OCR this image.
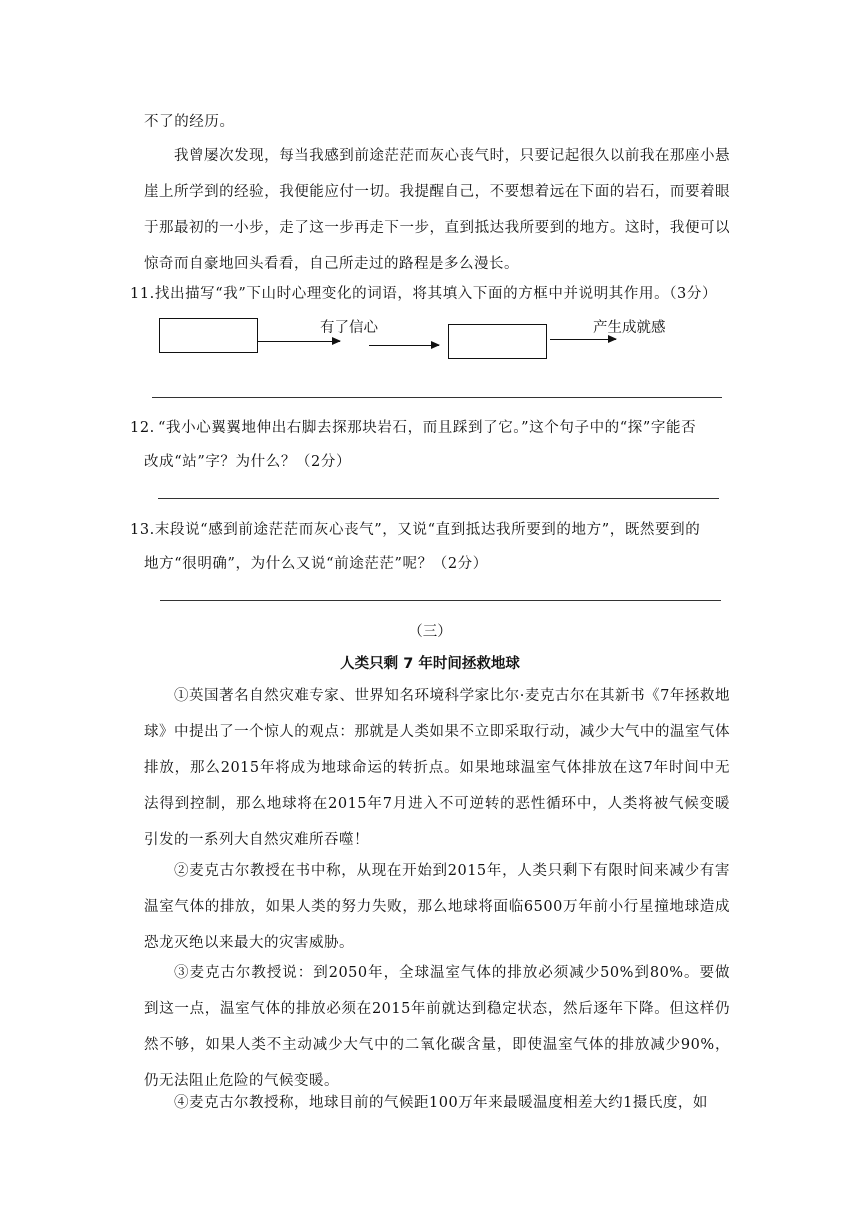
不了的经历。
我曾屡次发现，每当我感到前途茫茫而灰心丧气时，只要记起很久以前我在那座小悬崖上所学到的经验，我便能应付一切。我提醒自己，不要想着远在下面的岩石，而要着眼于那最初的一小步，走了这一步再走下一步，直到抵达我所要到的地方。这时，我便可以惊奇而自豪地回头看看，自己所走过的路程是多么漫长。
11.找出描写“我”下山时心理变化的词语，将其填入下面的方框中并说明其作用。（3分）
有了信心	产生成就感
12. “我小心翼翼地伸出右脚去探那块岩石，而且踩到了它。”这个句子中的“探”字能否
改成“站”字？为什么？（2分）
13.末段说“感到前途茫茫而灰心丧气”，又说“直到抵达我所要到的地方”，既然要到的
地方“很明确”，为什么又说“前途茫茫”呢？（2分）
（三）
人类只剩 7 年时间拯救地球
①英国著名自然灾难专家、世界知名环境科学家比尔·麦克古尔在其新书《7年拯救地球》中提出了一个惊人的观点：那就是人类如果不立即采取行动，减少大气中的温室气体排放，那么2015年将成为地球命运的转折点。如果地球温室气体排放在这7年时间中无法得到控制，那么地球将在2015年7月进入不可逆转的恶性循环中，人类将被气候变暖引发的一系列大自然灾难所吞噬！
②麦克古尔教授在书中称，从现在开始到2015年，人类只剩下有限时间来减少有害温室气体的排放，如果人类的努力失败，那么地球将面临6500万年前小行星撞地球造成恐龙灭绝以来最大的灾害威胁。
③麦克古尔教授说：到2050年，全球温室气体的排放必须减少50%到80%。要做到这一点，温室气体的排放必须在2015年前就达到稳定状态，然后逐年下降。但这样仍然不够，如果人类不主动减少大气中的二氧化碳含量，即使温室气体的排放减少90%，仍无法阻止危险的气候变暖。
④麦克古尔教授称，地球目前的气候距100万年来最暖温度相差大约1摄氏度，如
